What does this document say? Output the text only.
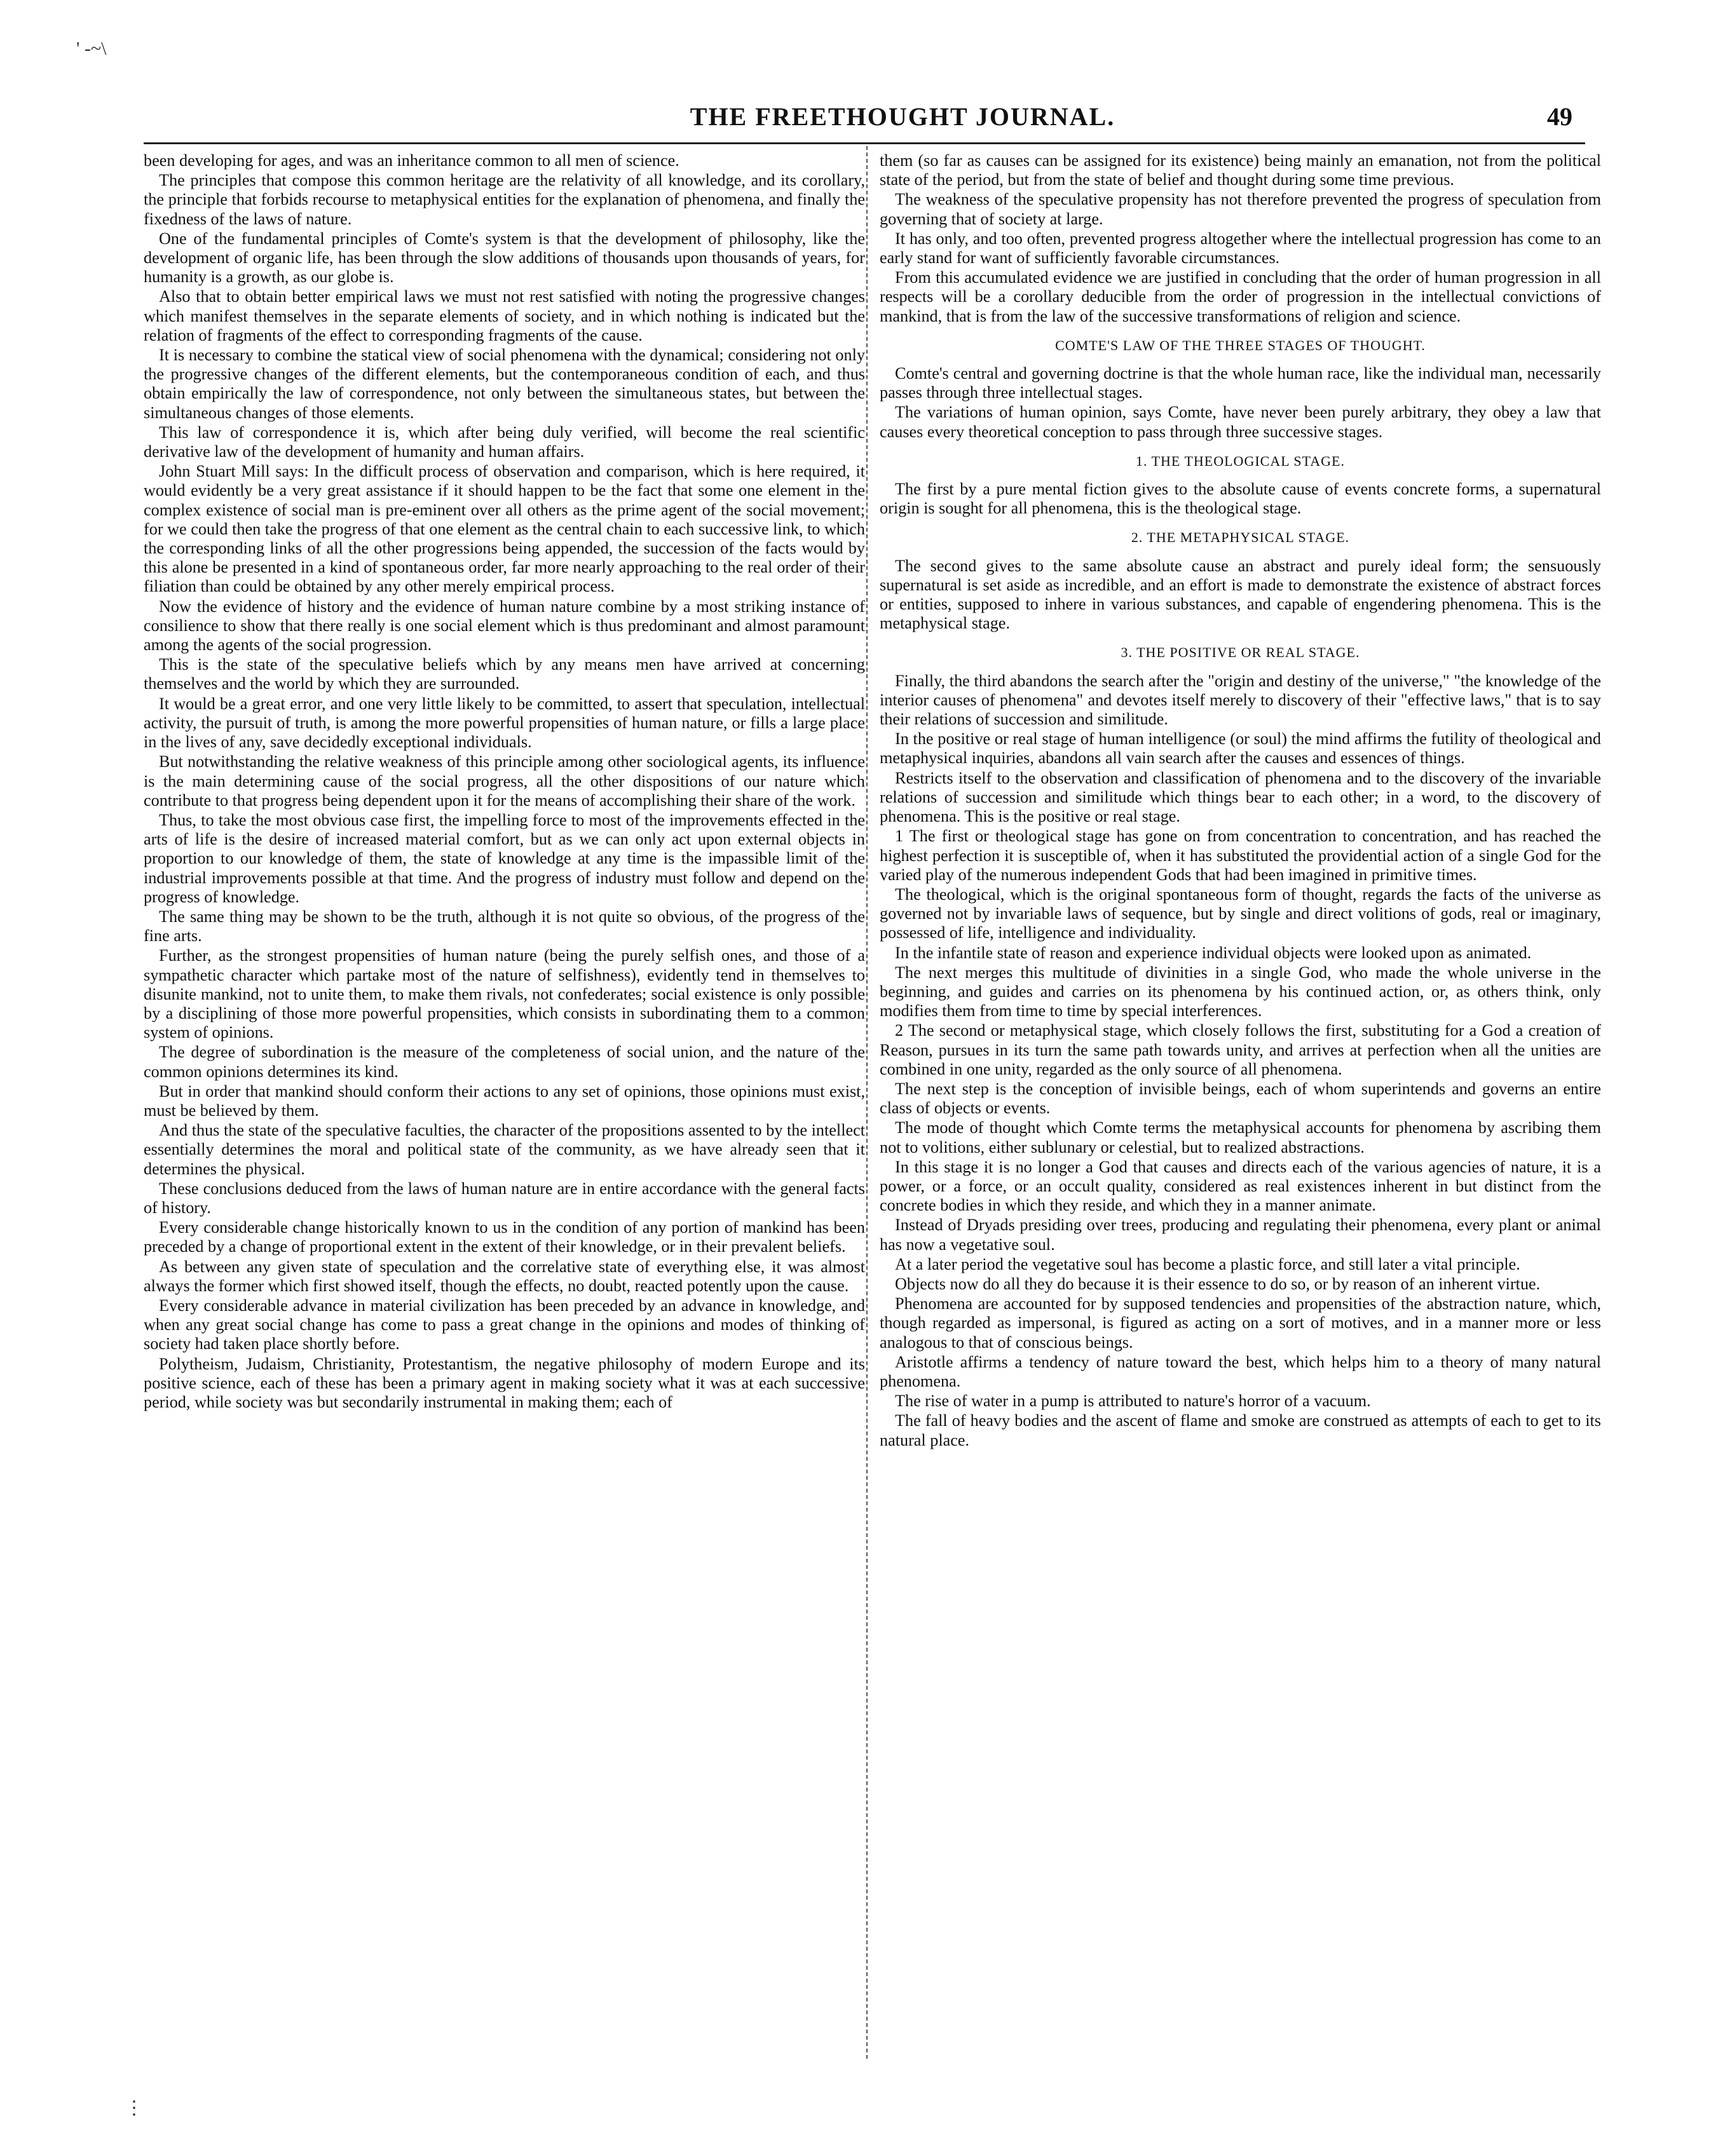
' ‐~\
THE FREETHOUGHT JOURNAL.	49

been developing for ages, and was an inheritance common to all men of science.

The principles that compose this common heritage are the relativity of all knowledge, and its corollary, the principle that forbids recourse to metaphysical entities for the explanation of phenomena, and finally the fixedness of the laws of nature.

One of the fundamental principles of Comte's system is that the development of philosophy, like the development of organic life, has been through the slow additions of thousands upon thousands of years, for humanity is a growth, as our globe is.

Also that to obtain better empirical laws we must not rest satisfied with noting the progressive changes which manifest themselves in the separate elements of society, and in which nothing is indicated but the relation of fragments of the effect to corresponding fragments of the cause.

It is necessary to combine the statical view of social phenomena with the dynamical; considering not only the progressive changes of the different elements, but the contemporaneous condition of each, and thus obtain empirically the law of correspondence, not only between the simultaneous states, but between the simultaneous changes of those elements.

This law of correspondence it is, which after being duly verified, will become the real scientific derivative law of the development of humanity and human affairs.

John Stuart Mill says: In the difficult process of observation and comparison, which is here required, it would evidently be a very great assistance if it should happen to be the fact that some one element in the complex existence of social man is pre-eminent over all others as the prime agent of the social movement; for we could then take the progress of that one element as the central chain to each successive link, to which the corresponding links of all the other progressions being appended, the succession of the facts would by this alone be presented in a kind of spontaneous order, far more nearly approaching to the real order of their filiation than could be obtained by any other merely empirical process.

Now the evidence of history and the evidence of human nature combine by a most striking instance of consilience to show that there really is one social element which is thus predominant and almost paramount among the agents of the social progression.

This is the state of the speculative beliefs which by any means men have arrived at concerning themselves and the world by which they are surrounded.

It would be a great error, and one very little likely to be committed, to assert that speculation, intellectual activity, the pursuit of truth, is among the more powerful propensities of human nature, or fills a large place in the lives of any, save decidedly exceptional individuals.

But notwithstanding the relative weakness of this principle among other sociological agents, its influence is the main determining cause of the social progress, all the other dispositions of our nature which contribute to that progress being dependent upon it for the means of accomplishing their share of the work.

Thus, to take the most obvious case first, the impelling force to most of the improvements effected in the arts of life is the desire of increased material comfort, but as we can only act upon external objects in proportion to our knowledge of them, the state of knowledge at any time is the impassible limit of the industrial improvements possible at that time. And the progress of industry must follow and depend on the progress of knowledge.

The same thing may be shown to be the truth, although it is not quite so obvious, of the progress of the fine arts.

Further, as the strongest propensities of human nature (being the purely selfish ones, and those of a sympathetic character which partake most of the nature of selfishness), evidently tend in themselves to disunite mankind, not to unite them, to make them rivals, not confederates; social existence is only possible by a disciplining of those more powerful propensities, which consists in subordinating them to a common system of opinions.

The degree of subordination is the measure of the completeness of social union, and the nature of the common opinions determines its kind.

But in order that mankind should conform their actions to any set of opinions, those opinions must exist, must be believed by them.

And thus the state of the speculative faculties, the character of the propositions assented to by the intellect essentially determines the moral and political state of the community, as we have already seen that it determines the physical.

These conclusions deduced from the laws of human nature are in entire accordance with the general facts of history.

Every considerable change historically known to us in the condition of any portion of mankind has been preceded by a change of proportional extent in the extent of their knowledge, or in their prevalent beliefs.

As between any given state of speculation and the correlative state of everything else, it was almost always the former which first showed itself, though the effects, no doubt, reacted potently upon the cause.

Every considerable advance in material civilization has been preceded by an advance in knowledge, and when any great social change has come to pass a great change in the opinions and modes of thinking of society had taken place shortly before.

Polytheism, Judaism, Christianity, Protestantism, the negative philosophy of modern Europe and its positive science, each of these has been a primary agent in making society what it was at each successive period, while society was but secondarily instrumental in making them; each of

them (so far as causes can be assigned for its existence) being mainly an emanation, not from the political state of the period, but from the state of belief and thought during some time previous.

The weakness of the speculative propensity has not therefore prevented the progress of speculation from governing that of society at large.

It has only, and too often, prevented progress altogether where the intellectual progression has come to an early stand for want of sufficiently favorable circumstances.

From this accumulated evidence we are justified in concluding that the order of human progression in all respects will be a corollary deducible from the order of progression in the intellectual convictions of mankind, that is from the law of the successive transformations of religion and science.

COMTE'S LAW OF THE THREE STAGES OF THOUGHT.

Comte's central and governing doctrine is that the whole human race, like the individual man, necessarily passes through three intellectual stages.

The variations of human opinion, says Comte, have never been purely arbitrary, they obey a law that causes every theoretical conception to pass through three successive stages.

1. THE THEOLOGICAL STAGE.

The first by a pure mental fiction gives to the absolute cause of events concrete forms, a supernatural origin is sought for all phenomena, this is the theological stage.

2. THE METAPHYSICAL STAGE.

The second gives to the same absolute cause an abstract and purely ideal form; the sensuously supernatural is set aside as incredible, and an effort is made to demonstrate the existence of abstract forces or entities, supposed to inhere in various substances, and capable of engendering phenomena. This is the metaphysical stage.

3. THE POSITIVE OR REAL STAGE.

Finally, the third abandons the search after the "origin and destiny of the universe," "the knowledge of the interior causes of phenomena" and devotes itself merely to discovery of their "effective laws," that is to say their relations of succession and similitude.

In the positive or real stage of human intelligence (or soul) the mind affirms the futility of theological and metaphysical inquiries, abandons all vain search after the causes and essences of things.

Restricts itself to the observation and classification of phenomena and to the discovery of the invariable relations of succession and similitude which things bear to each other; in a word, to the discovery of phenomena. This is the positive or real stage.

1 The first or theological stage has gone on from concentration to concentration, and has reached the highest perfection it is susceptible of, when it has substituted the providential action of a single God for the varied play of the numerous independent Gods that had been imagined in primitive times.

The theological, which is the original spontaneous form of thought, regards the facts of the universe as governed not by invariable laws of sequence, but by single and direct volitions of gods, real or imaginary, possessed of life, intelligence and individuality.

In the infantile state of reason and experience individual objects were looked upon as animated.

The next merges this multitude of divinities in a single God, who made the whole universe in the beginning, and guides and carries on its phenomena by his continued action, or, as others think, only modifies them from time to time by special interferences.

2 The second or metaphysical stage, which closely follows the first, substituting for a God a creation of Reason, pursues in its turn the same path towards unity, and arrives at perfection when all the unities are combined in one unity, regarded as the only source of all phenomena.

The next step is the conception of invisible beings, each of whom superintends and governs an entire class of objects or events.

The mode of thought which Comte terms the metaphysical accounts for phenomena by ascribing them not to volitions, either sublunary or celestial, but to realized abstractions.

In this stage it is no longer a God that causes and directs each of the various agencies of nature, it is a power, or a force, or an occult quality, considered as real existences inherent in but distinct from the concrete bodies in which they reside, and which they in a manner animate.

Instead of Dryads presiding over trees, producing and regulating their phenomena, every plant or animal has now a vegetative soul.

At a later period the vegetative soul has become a plastic force, and still later a vital principle.

Objects now do all they do because it is their essence to do so, or by reason of an inherent virtue.

Phenomena are accounted for by supposed tendencies and propensities of the abstraction nature, which, though regarded as impersonal, is figured as acting on a sort of motives, and in a manner more or less analogous to that of conscious beings.

Aristotle affirms a tendency of nature toward the best, which helps him to a theory of many natural phenomena.

The rise of water in a pump is attributed to nature's horror of a vacuum.

The fall of heavy bodies and the ascent of flame and smoke are construed as attempts of each to get to its natural place.

⋮
